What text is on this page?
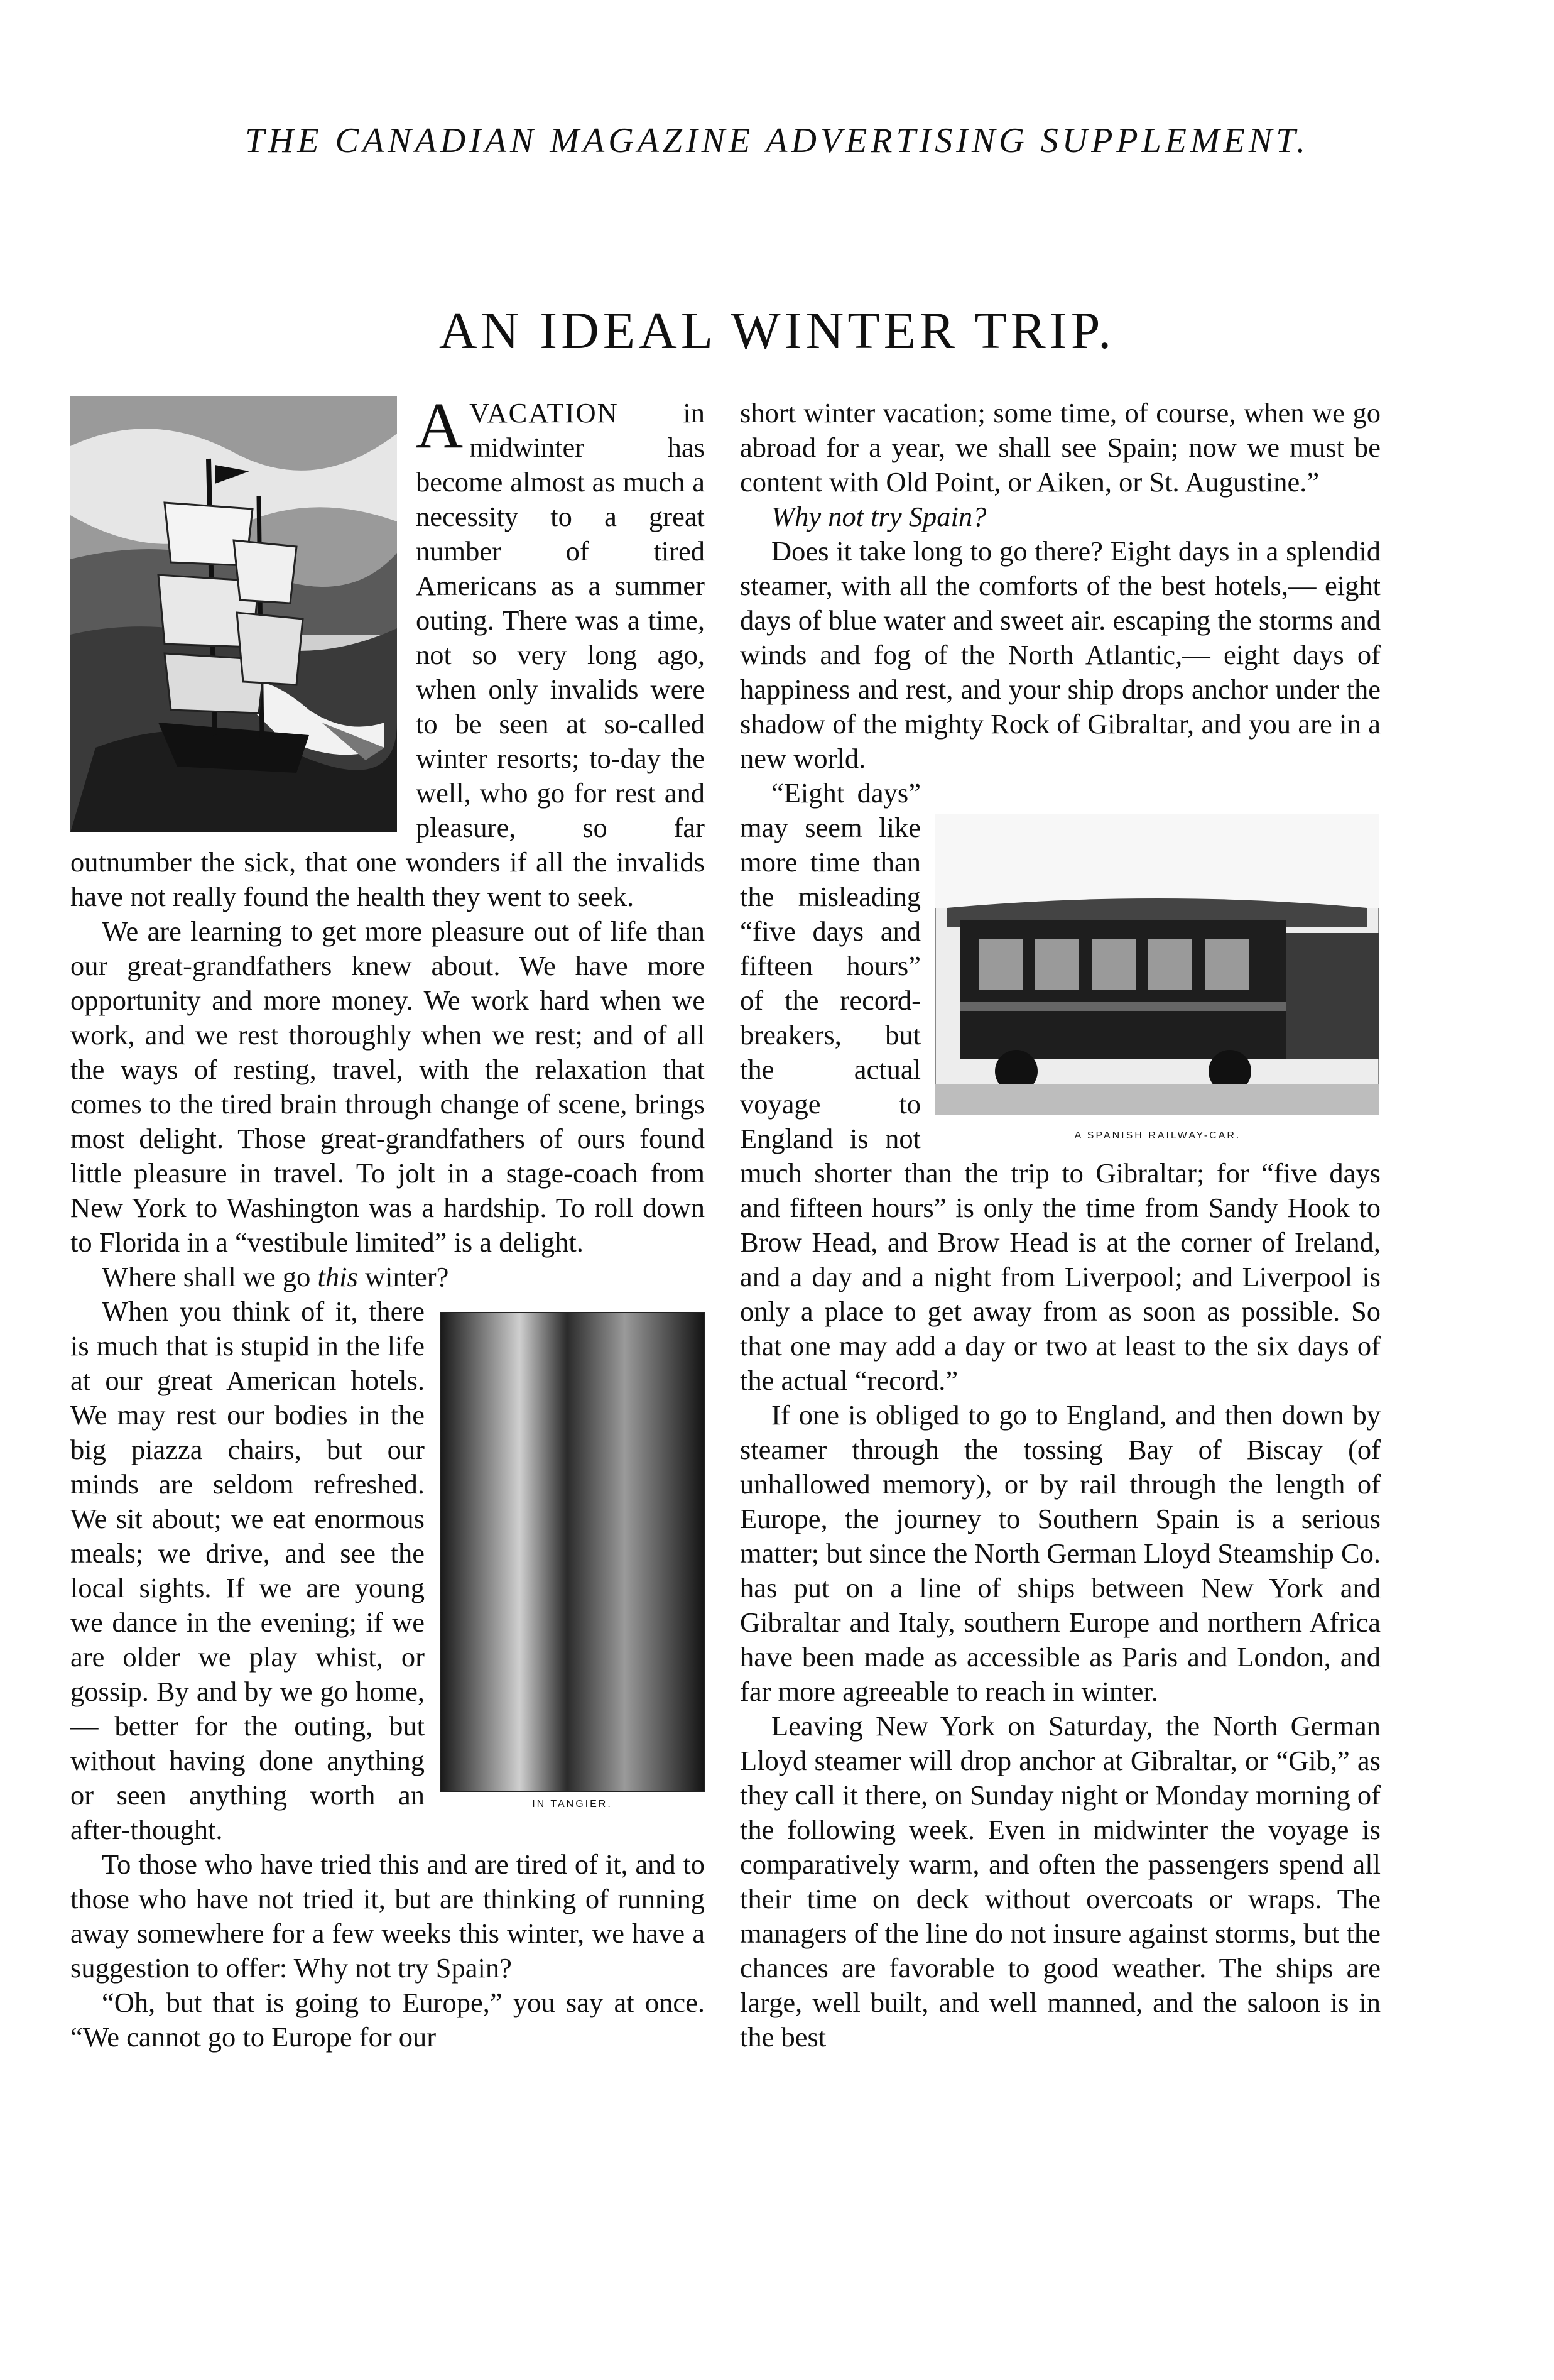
THE CANADIAN MAGAZINE ADVERTISING SUPPLEMENT.
AN IDEAL WINTER TRIP.

AVACATION in midwinter has become almost as much a necessity to a great number of tired Americans as a summer outing. There was a time, not so very long ago, when only invalids were to be seen at so-called winter resorts; to-day the well, who go for rest and pleasure, so far outnumber the sick, that one wonders if all the invalids have not really found the health they went to seek.

We are learning to get more pleasure out of life than our great-grandfathers knew about. We have more opportunity and more money. We work hard when we work, and we rest thoroughly when we rest; and of all the ways of resting, travel, with the relaxation that comes to the tired brain through change of scene, brings most delight. Those great-grandfathers of ours found little pleasure in travel. To jolt in a stage-coach from New York to Washington was a hardship. To roll down to Florida in a “vestibule limited” is a delight.

Where shall we go this winter?

IN TANGIER.

When you think of it, there is much that is stupid in the life at our great American hotels. We may rest our bodies in the big piazza chairs, but our minds are seldom refreshed. We sit about; we eat enormous meals; we drive, and see the local sights. If we are young we dance in the evening; if we are older we play whist, or gossip. By and by we go home,— better for the outing, but without having done anything or seen anything worth an after-thought.

To those who have tried this and are tired of it, and to those who have not tried it, but are thinking of running away somewhere for a few weeks this winter, we have a suggestion to offer: Why not try Spain?

“Oh, but that is going to Europe,” you say at once. “We cannot go to Europe for our

short winter vacation; some time, of course, when we go abroad for a year, we shall see Spain; now we must be content with Old Point, or Aiken, or St. Augustine.”

Why not try Spain?

Does it take long to go there? Eight days in a splendid steamer, with all the comforts of the best hotels,— eight days of blue water and sweet air. escaping the storms and winds and fog of the North Atlantic,— eight days of happiness and rest, and your ship drops anchor under the shadow of the mighty Rock of Gibraltar, and you are in a new world.

A SPANISH RAILWAY-CAR.

“Eight days” may seem like more time than the misleading “five days and fifteen hours” of the record-breakers, but the actual voyage to England is not much shorter than the trip to Gibraltar; for “five days and fifteen hours” is only the time from Sandy Hook to Brow Head, and Brow Head is at the corner of Ireland, and a day and a night from Liverpool; and Liverpool is only a place to get away from as soon as possible. So that one may add a day or two at least to the six days of the actual “record.”

If one is obliged to go to England, and then down by steamer through the tossing Bay of Biscay (of unhallowed memory), or by rail through the length of Europe, the journey to Southern Spain is a serious matter; but since the North German Lloyd Steamship Co. has put on a line of ships between New York and Gibraltar and Italy, southern Europe and northern Africa have been made as accessible as Paris and London, and far more agreeable to reach in winter.

Leaving New York on Saturday, the North German Lloyd steamer will drop anchor at Gibraltar, or “Gib,” as they call it there, on Sunday night or Monday morning of the following week. Even in midwinter the voyage is comparatively warm, and often the passengers spend all their time on deck without overcoats or wraps. The managers of the line do not insure against storms, but the chances are favorable to good weather. The ships are large, well built, and well manned, and the saloon is in the best
